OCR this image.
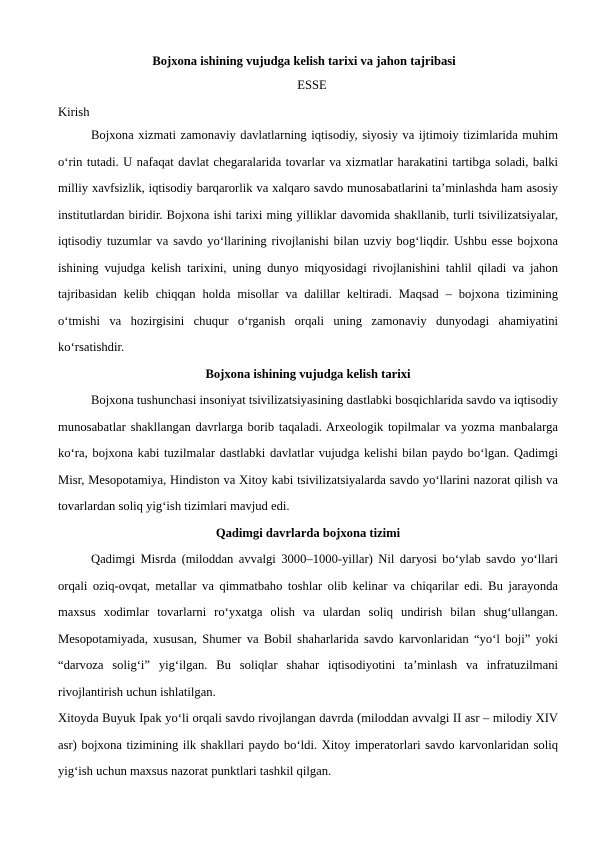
Bojxona ishining vujudga kelish tarixi va jahon tajribasi
ESSE
Kirish

Bojxona xizmati zamonaviy davlatlarning iqtisodiy, siyosiy va ijtimoiy tizimlarida muhim o‘rin tutadi. U nafaqat davlat chegaralarida tovarlar va xizmatlar harakatini tartibga soladi, balki milliy xavfsizlik, iqtisodiy barqarorlik va xalqaro savdo munosabatlarini ta’minlashda ham asosiy institutlardan biridir. Bojxona ishi tarixi ming yilliklar davomida shakllanib, turli tsivilizatsiyalar, iqtisodiy tuzumlar va savdo yo‘llarining rivojlanishi bilan uzviy bog‘liqdir. Ushbu esse bojxona ishining vujudga kelish tarixini, uning dunyo miqyosidagi rivojlanishini tahlil qiladi va jahon tajribasidan kelib chiqqan holda misollar va dalillar keltiradi. Maqsad – bojxona tizimining o‘tmishi va hozirgisini chuqur o‘rganish orqali uning zamonaviy dunyodagi ahamiyatini ko‘rsatishdir.

Bojxona ishining vujudga kelish tarixi

Bojxona tushunchasi insoniyat tsivilizatsiyasining dastlabki bosqichlarida savdo va iqtisodiy munosabatlar shakllangan davrlarga borib taqaladi. Arxeologik topilmalar va yozma manbalarga ko‘ra, bojxona kabi tuzilmalar dastlabki davlatlar vujudga kelishi bilan paydo bo‘lgan. Qadimgi Misr, Mesopotamiya, Hindiston va Xitoy kabi tsivilizatsiyalarda savdo yo‘llarini nazorat qilish va tovarlardan soliq yig‘ish tizimlari mavjud edi.

Qadimgi davrlarda bojxona tizimi

Qadimgi Misrda (miloddan avvalgi 3000–1000-yillar) Nil daryosi bo‘ylab savdo yo‘llari orqali oziq-ovqat, metallar va qimmatbaho toshlar olib kelinar va chiqarilar edi. Bu jarayonda maxsus xodimlar tovarlarni ro‘yxatga olish va ulardan soliq undirish bilan shug‘ullangan. Mesopotamiyada, xususan, Shumer va Bobil shaharlarida savdo karvonlaridan “yo‘l boji” yoki “darvoza solig‘i” yig‘ilgan. Bu soliqlar shahar iqtisodiyotini ta’minlash va infratuzilmani rivojlantirish uchun ishlatilgan.

Xitoyda Buyuk Ipak yo‘li orqali savdo rivojlangan davrda (miloddan avvalgi II asr – milodiy XIV asr) bojxona tizimining ilk shakllari paydo bo‘ldi. Xitoy imperatorlari savdo karvonlaridan soliq yig‘ish uchun maxsus nazorat punktlari tashkil qilgan.
